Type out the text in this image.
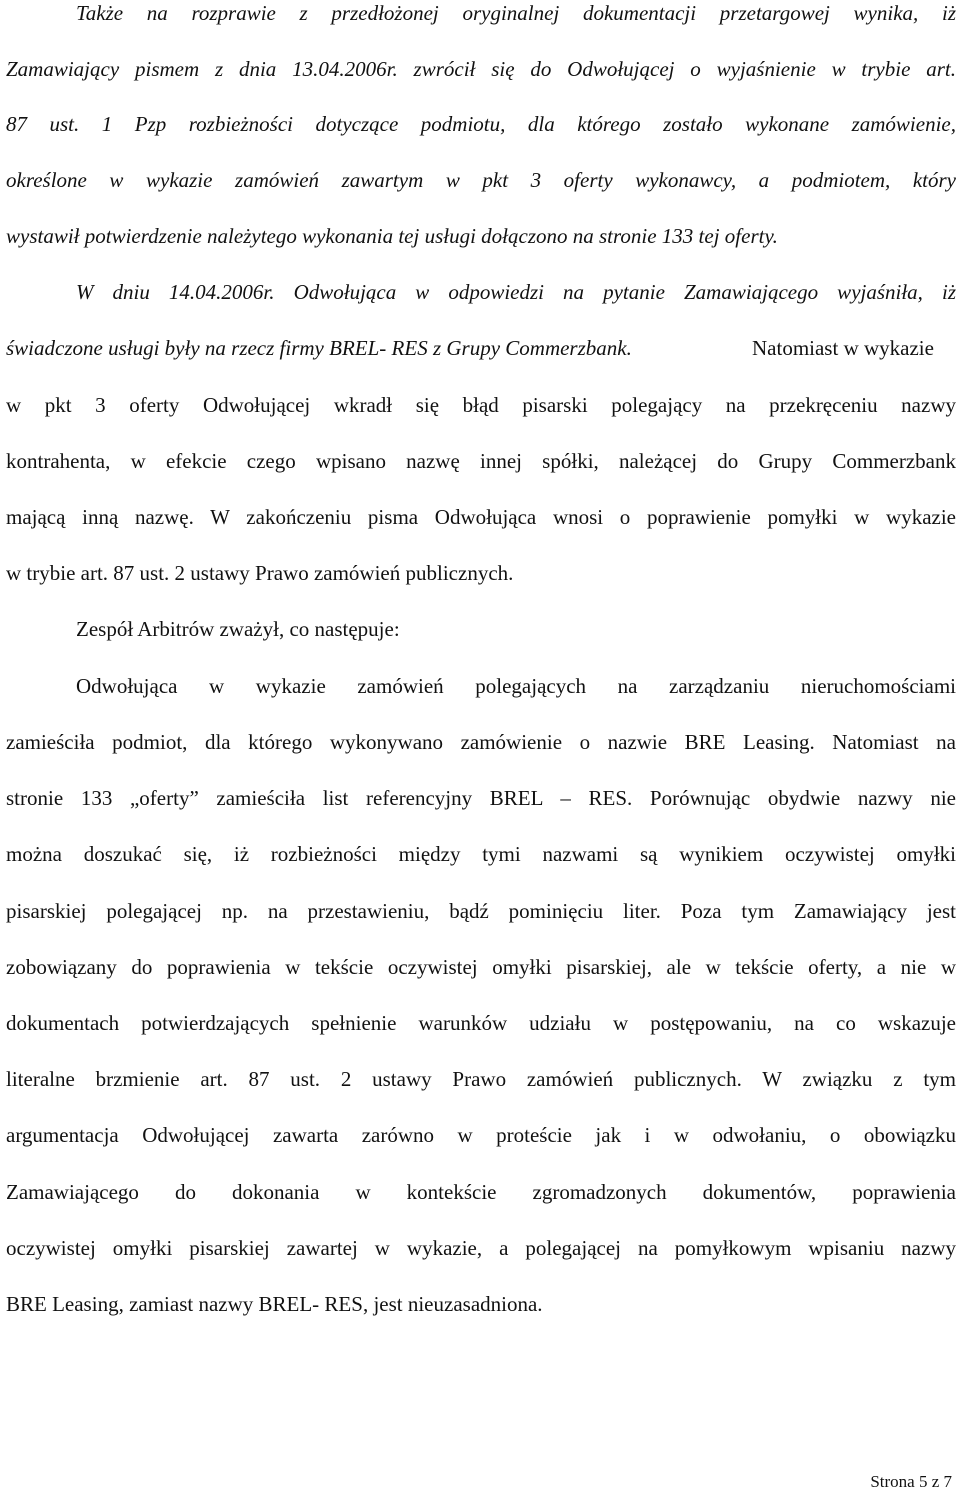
Także na rozprawie z przedłożonej oryginalnej dokumentacji przetargowej wynika, iż
Zamawiający pismem z dnia 13.04.2006r. zwrócił się do Odwołującej o wyjaśnienie w trybie art.
87 ust. 1 Pzp rozbieżności dotyczące podmiotu, dla którego zostało wykonane zamówienie,
określone w wykazie zamówień zawartym w pkt 3 oferty wykonawcy, a podmiotem, który
wystawił potwierdzenie należytego wykonania tej usługi dołączono na stronie 133 tej oferty.
W dniu 14.04.2006r. Odwołująca w odpowiedzi na pytanie Zamawiającego wyjaśniła, iż
świadczone usługi były na rzecz firmy BREL- RES z Grupy Commerzbank.	Natomiast w wykazie
w pkt 3 oferty Odwołującej wkradł się błąd pisarski polegający na przekręceniu nazwy
kontrahenta, w efekcie czego wpisano nazwę innej spółki, należącej do Grupy Commerzbank
mającą inną nazwę. W zakończeniu pisma Odwołująca wnosi o poprawienie pomyłki w wykazie
w trybie art. 87 ust. 2 ustawy Prawo zamówień publicznych.
Zespół Arbitrów zważył, co następuje:
Odwołująca w wykazie zamówień polegających na zarządzaniu nieruchomościami
zamieściła podmiot, dla którego wykonywano zamówienie o nazwie BRE Leasing. Natomiast na
stronie 133 „oferty” zamieściła list referencyjny BREL – RES. Porównując obydwie nazwy nie
można doszukać się, iż rozbieżności między tymi nazwami są wynikiem oczywistej omyłki
pisarskiej polegającej np. na przestawieniu, bądź pominięciu liter. Poza tym Zamawiający jest
zobowiązany do poprawienia w tekście oczywistej omyłki pisarskiej, ale w tekście oferty, a nie w
dokumentach potwierdzających spełnienie warunków udziału w postępowaniu, na co wskazuje
literalne brzmienie art. 87 ust. 2 ustawy Prawo zamówień publicznych. W związku z tym
argumentacja Odwołującej zawarta zarówno w proteście jak i w odwołaniu, o obowiązku
Zamawiającego do dokonania w kontekście zgromadzonych dokumentów, poprawienia
oczywistej omyłki pisarskiej zawartej w wykazie, a polegającej na pomyłkowym wpisaniu nazwy
BRE Leasing, zamiast nazwy BREL- RES, jest nieuzasadniona.
Strona 5 z 7
